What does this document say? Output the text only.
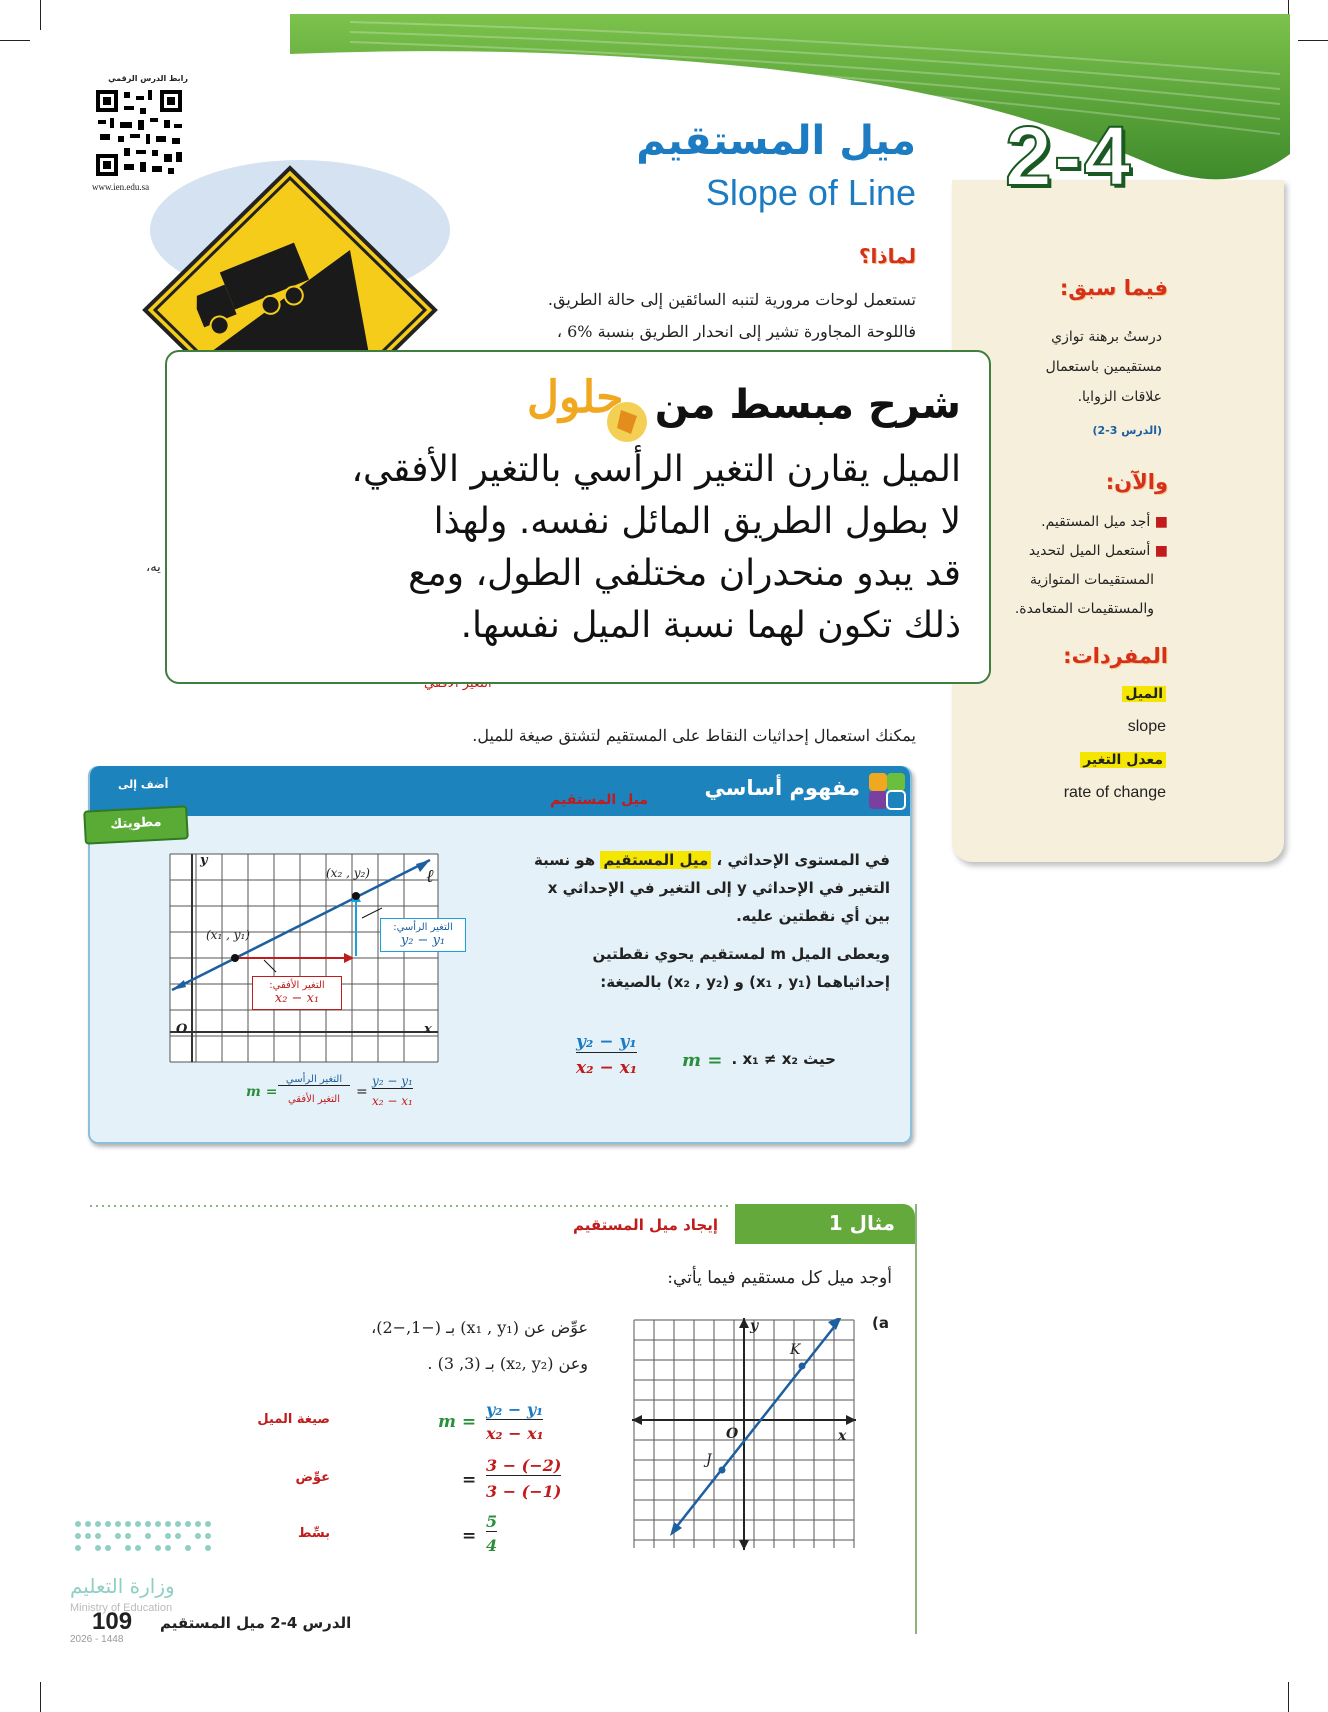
رابط الدرس الرقمي
www.ien.edu.sa
ميل المستقيم
Slope of Line 2-4
فيما سبق:
درستُ برهنة توازي
مستقيمين باستعمال
علاقات الزوايا.
(الدرس 3-2)
والآن:
■ أجد ميل المستقيم.
■ أستعمل الميل لتحديد
المستقيمات المتوازية
والمستقيمات المتعامدة.
المفردات:
الميل
slope
معدل التغير
rate of change
لماذا؟
تستعمل لوحات مرورية لتنبه السائقين إلى حالة الطريق.
فاللوحة المجاورة تشير إلى انحدار الطريق بنسبة %6 ،
يه،
يمكنك استعمال إحداثيات النقاط على المستقيم لتشتق صيغة للميل.
حلول شرح مبسط من
الميل يقارن التغير الرأسي بالتغير الأفقي،
لا بطول الطريق المائل نفسه. ولهذا
قد يبدو منحدران مختلفي الطول، ومع
ذلك تكون لهما نسبة الميل نفسها.
مفهوم أساسي
أضف إلى
مطويتك
ميل المستقيم
في المستوى الإحداثي ، ميل المستقيم هو نسبة
التغير في الإحداثي y إلى التغير في الإحداثي x
بين أي نقطتين عليه.
ويعطى الميل m لمستقيم يحوي نقطتين
إحداثياهما (x₁ , y₁) و (x₂ , y₂) بالصيغة:
حيث x₁ ≠ x₂ .
m =
y₂ − y₁
x₂ − x₁
y
x
O
ℓ
(x₁ , y₁)
(x₂ , y₂)
التغير الرأسي:
y₂ − y₁
التغير الأفقي:
x₂ − x₁
m =
التغير الرأسي
التغير الأفقي	=
y₂ − y₁
x₂ − x₁
مثال 1
إيجاد ميل المستقيم
أوجد ميل كل مستقيم فيما يأتي:
(a
y
x
O
K
J
عوِّض عن (x₁ , y₁) بـ (−1,−2)،
وعن (x₂, y₂) بـ (3, 3) .
صيغة الميل	m =
y₂ − y₁
x₂ − x₁
عوِّض	=
3 − (−2)
3 − (−1)
بسِّط	=
5
4
وزارة التعليم
Ministry of Education
2026 - 1448
109 الدرس 4-2 ميل المستقيم
